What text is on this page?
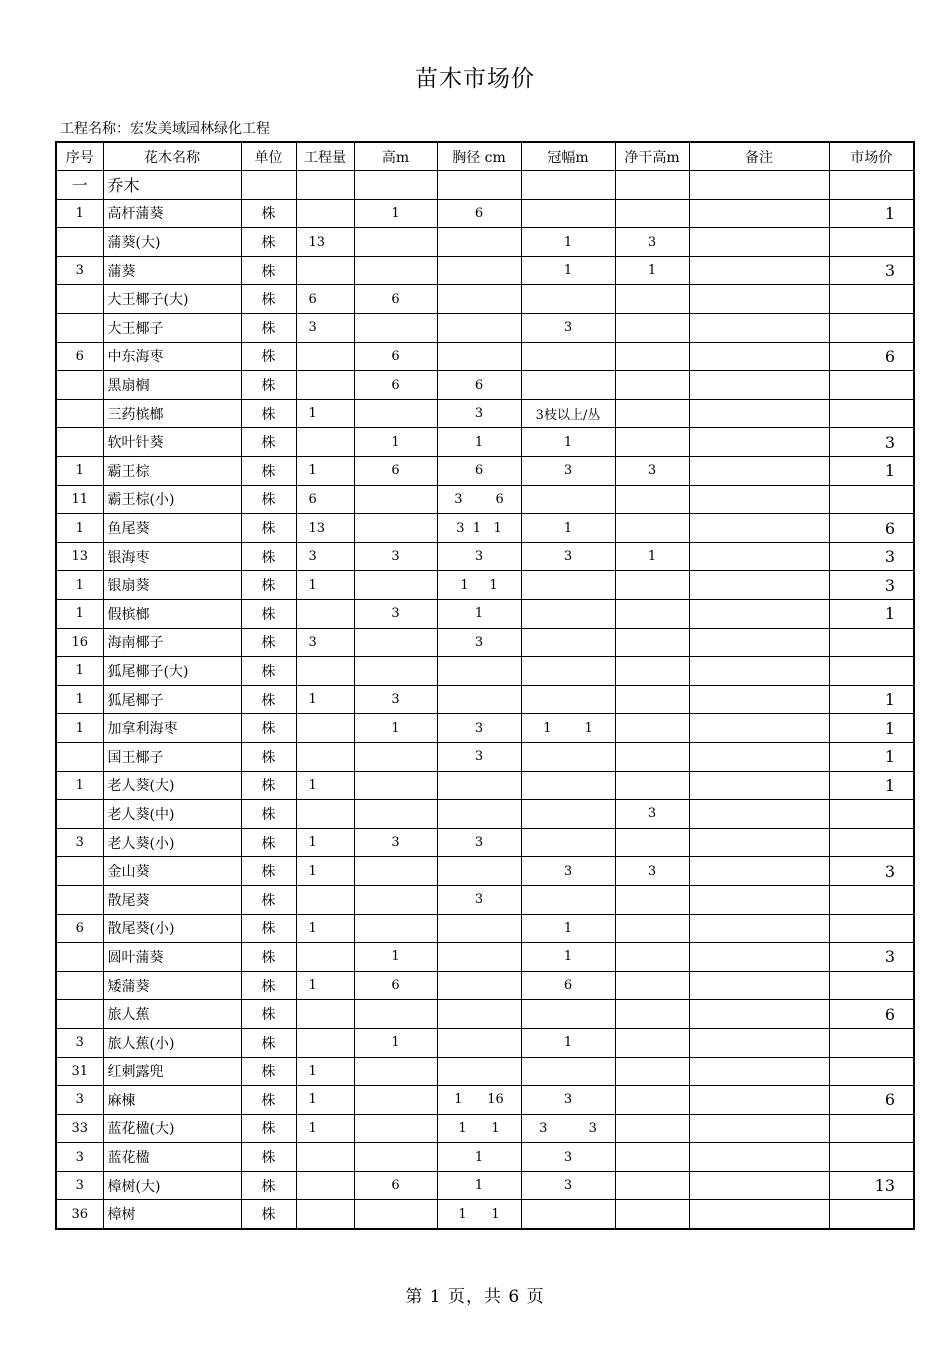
苗木市场价
工程名称：宏发美域园林绿化工程
序号	花木名称	单位	工程量	高m	胸径 cm	冠幅m	净干高m	备注	市场价
一	乔木								
1	高杆蒲葵	株		1	6				1
	蒲葵(大)	株	13			1	3		
3	蒲葵	株				1	1		3
	大王椰子(大)	株	6	6					
	大王椰子	株	3			3			
6	中东海枣	株		6					6
	黑扇榈	株		6	6				
	三药槟榔	株	1		3	3枝以上/丛			
	软叶针葵	株		1	1	1			3
1	霸王棕	株	1	6	6	3	3		1
11	霸王棕(小)	株	6		3        6				
1	鱼尾葵	株	13		3  1   1	1			6
13	银海枣	株	3	3	3	3	1		3
1	银扇葵	株	1		1     1				3
1	假槟榔	株		3	1				1
16	海南椰子	株	3		3				
1	狐尾椰子(大)	株							
1	狐尾椰子	株	1	3					1
1	加拿利海枣	株		1	3	1        1			1
	国王椰子	株			3				1
1	老人葵(大)	株	1						1
	老人葵(中)	株					3		
3	老人葵(小)	株	1	3	3				
	金山葵	株	1			3	3		3
	散尾葵	株			3				
6	散尾葵(小)	株	1			1			
	圆叶蒲葵	株		1		1			3
	矮蒲葵	株	1	6		6			
	旅人蕉	株							6
3	旅人蕉(小)	株		1		1			
31	红刺露兜	株	1						
3	麻楝	株	1		1      16	3			6
33	蓝花楹(大)	株	1		1      1	3          3			
3	蓝花楹	株			1	3			
3	樟树(大)	株		6	1	3			13
36	樟树	株			1      1				
第 1 页，共 6 页
